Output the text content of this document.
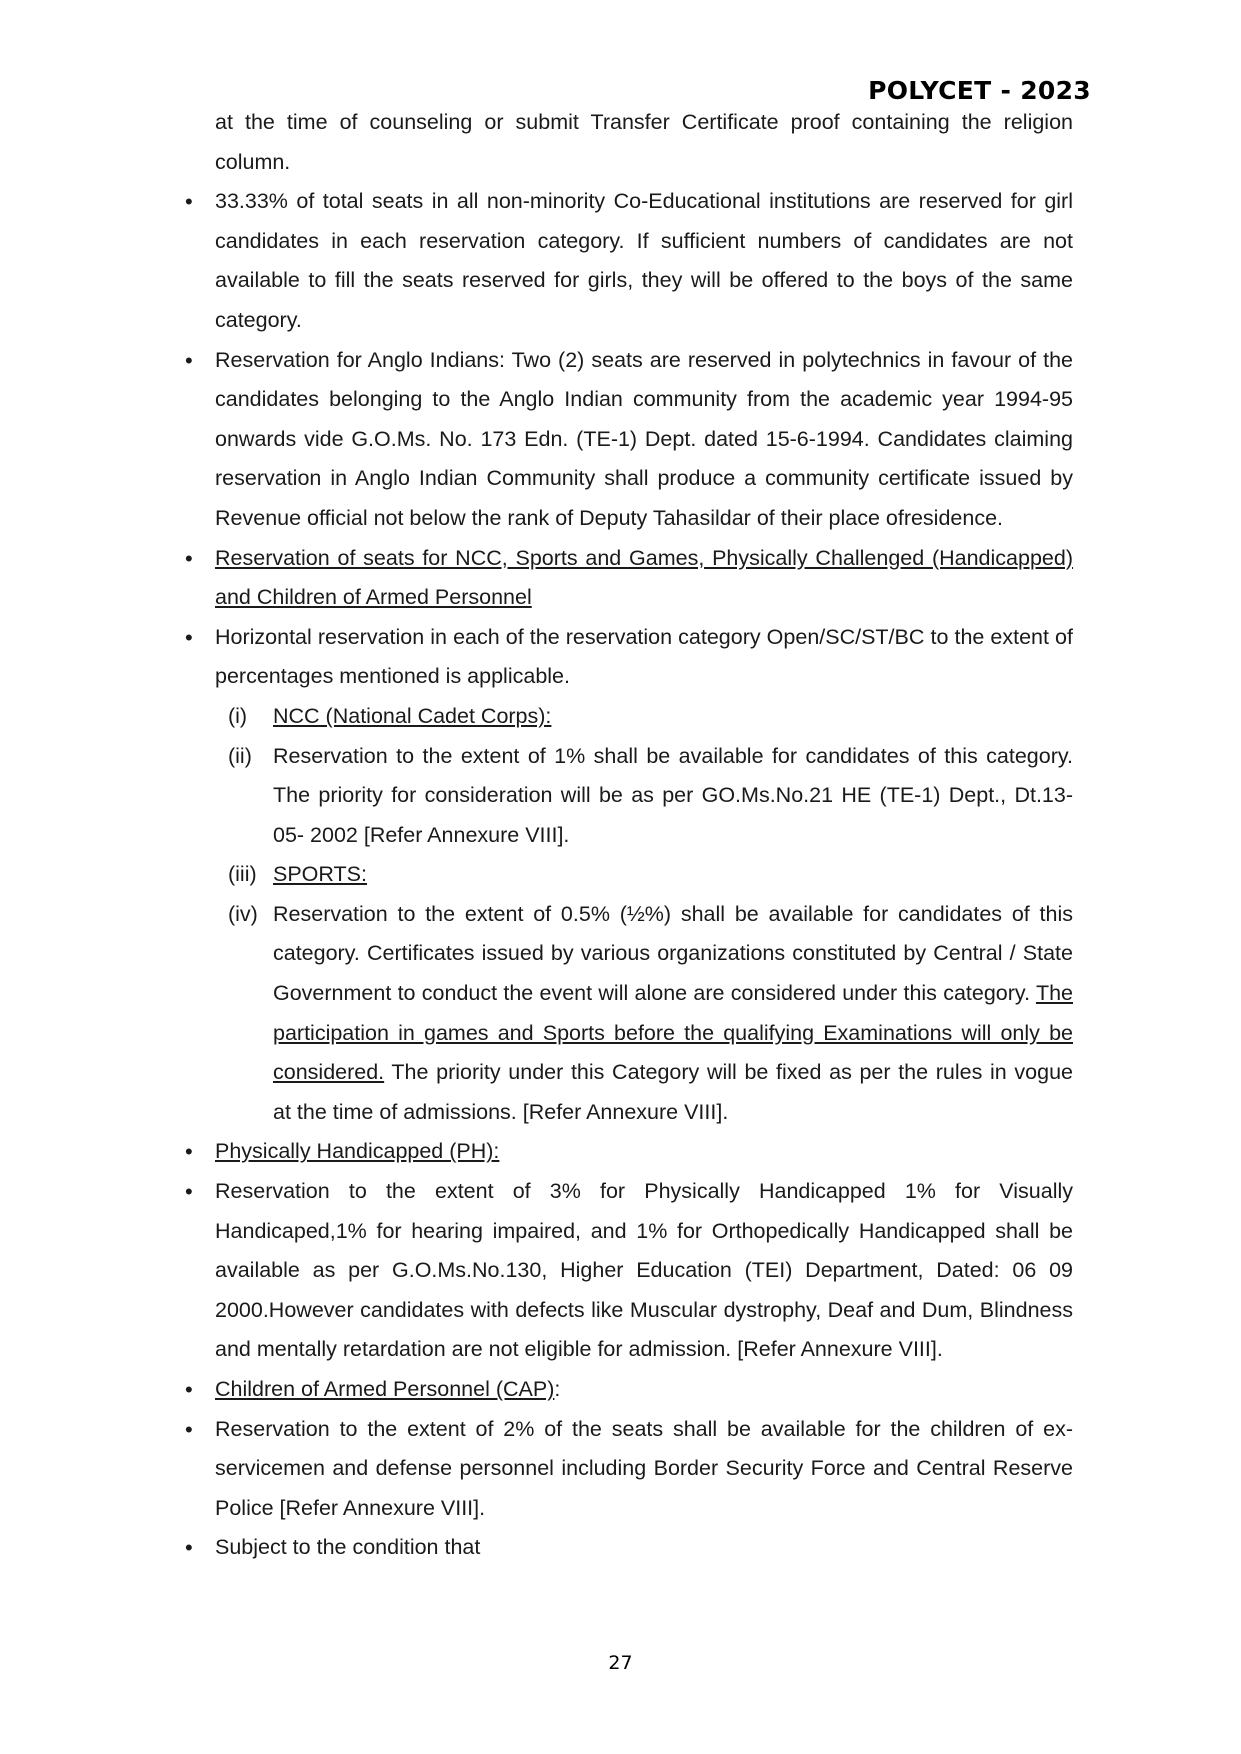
POLYCET - 2023

at the time of counseling or submit Transfer Certificate proof containing the religion column.

• 33.33% of total seats in all non-minority Co-Educational institutions are reserved for girl candidates in each reservation category. If sufficient numbers of candidates are not available to fill the seats reserved for girls, they will be offered to the boys of the same category.

• Reservation for Anglo Indians: Two (2) seats are reserved in polytechnics in favour of the candidates belonging to the Anglo Indian community from the academic year 1994-95 onwards vide G.O.Ms. No. 173 Edn. (TE-1) Dept. dated 15-6-1994. Candidates claiming reservation in Anglo Indian Community shall produce a community certificate issued by Revenue official not below the rank of Deputy Tahasildar of their place ofresidence.

• Reservation of seats for NCC, Sports and Games, Physically Challenged (Handicapped) and Children of Armed Personnel

• Horizontal reservation in each of the reservation category Open/SC/ST/BC to the extent of percentages mentioned is applicable.

(i) NCC (National Cadet Corps):

(ii) Reservation to the extent of 1% shall be available for candidates of this category. The priority for consideration will be as per GO.Ms.No.21 HE (TE-1) Dept., Dt.13-05- 2002 [Refer Annexure VIII].

(iii) SPORTS:

(iv) Reservation to the extent of 0.5% (½%) shall be available for candidates of this category. Certificates issued by various organizations constituted by Central / State Government to conduct the event will alone are considered under this category. The participation in games and Sports before the qualifying Examinations will only be considered. The priority under this Category will be fixed as per the rules in vogue at the time of admissions. [Refer Annexure VIII].

• Physically Handicapped (PH):

• Reservation to the extent of 3% for Physically Handicapped 1% for Visually Handicaped,1% for hearing impaired, and 1% for Orthopedically Handicapped shall be available as per G.O.Ms.No.130, Higher Education (TEI) Department, Dated: 06 09 2000.However candidates with defects like Muscular dystrophy, Deaf and Dum, Blindness and mentally retardation are not eligible for admission. [Refer Annexure VIII].

• Children of Armed Personnel (CAP):

• Reservation to the extent of 2% of the seats shall be available for the children of ex-servicemen and defense personnel including Border Security Force and Central Reserve Police [Refer Annexure VIII].

• Subject to the condition that

27
